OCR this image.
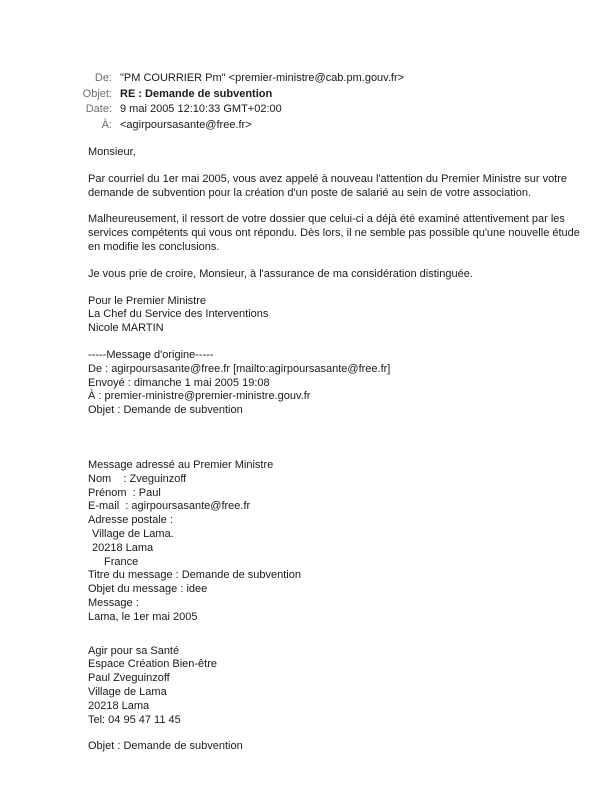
De: "PM COURRIER Pm" <premier-ministre@cab.pm.gouv.fr>
Objet: RE : Demande de subvention
Date: 9 mai 2005 12:10:33 GMT+02:00
À: <agirpoursasante@free.fr>
Monsieur,
Par courriel du 1er mai 2005, vous avez appelé à nouveau l'attention du Premier Ministre sur votre
demande de subvention pour la création d'un poste de salarié au sein de votre association.
Malheureusement, il ressort de votre dossier que celui-ci a déjà été examiné attentivement par les
services compétents qui vous ont répondu. Dès lors, il ne semble pas possible qu'une nouvelle étude
en modifie les conclusions.
Je vous prie de croire, Monsieur, à l'assurance de ma considération distinguée.
Pour le Premier Ministre
La Chef du Service des Interventions
Nicole MARTIN
-----Message d'origine-----
De : agirpoursasante@free.fr [mailto:agirpoursasante@free.fr]
Envoyé : dimanche 1 mai 2005 19:08
À : premier-ministre@premier-ministre.gouv.fr
Objet : Demande de subvention
Message adressé au Premier Ministre
Nom    : Zveguinzoff
Prénom  : Paul
E-mail  : agirpoursasante@free.fr
Adresse postale :
Village de Lama.
20218 Lama
France
Titre du message : Demande de subvention
Objet du message : idee
Message :
Lama, le 1er mai 2005
Agir pour sa Santé
Espace Création Bien-être
Paul Zveguinzoff
Village de Lama
20218 Lama
Tel: 04 95 47 11 45
Objet : Demande de subvention
